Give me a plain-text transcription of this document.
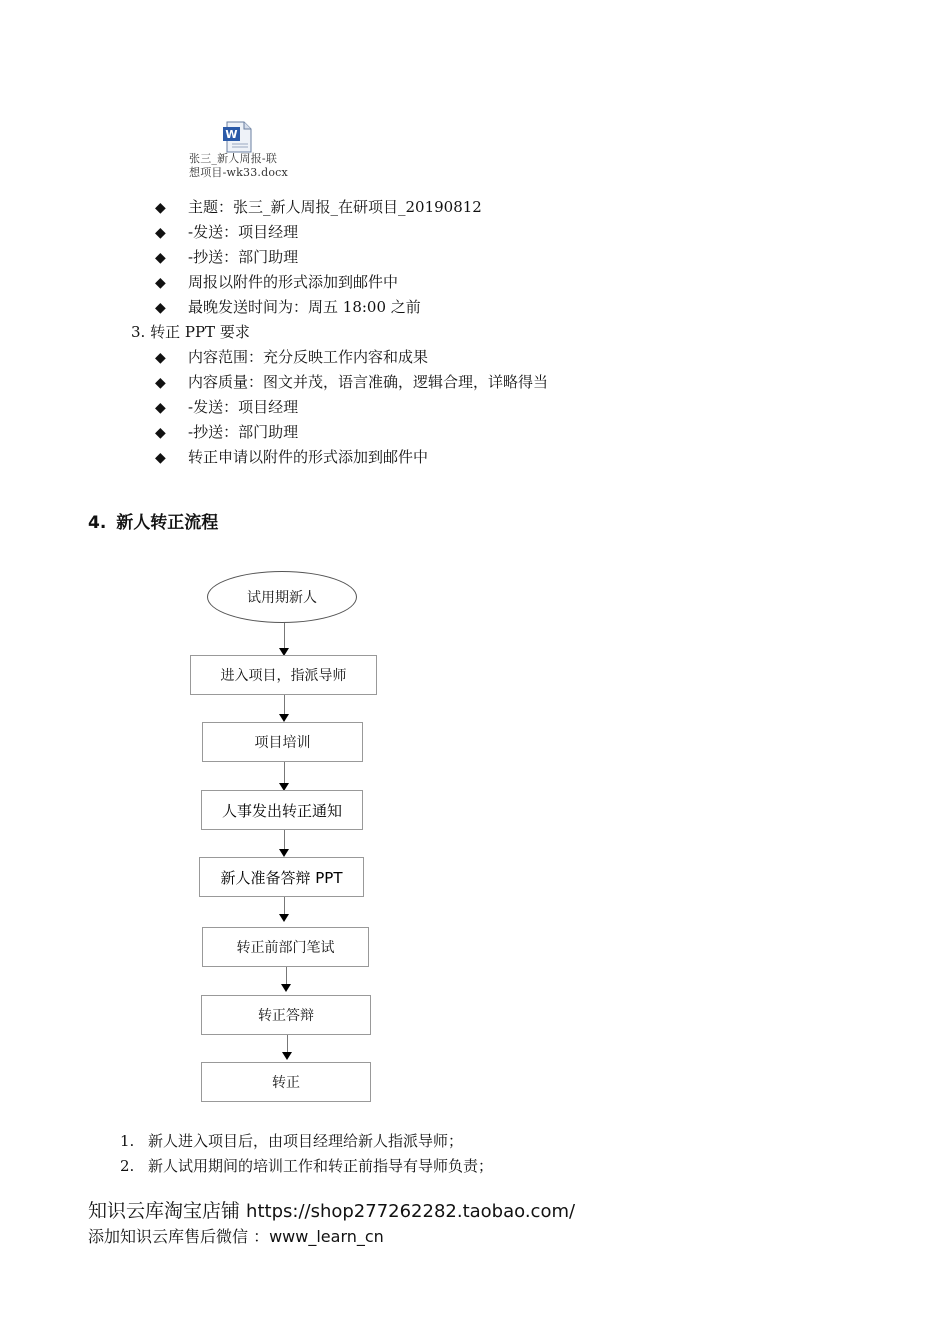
W
张三_新人周报-联
想项目-wk33.docx
◆ 主题：张三_新人周报_在研项目_20190812
◆ -发送：项目经理
◆ -抄送：部门助理
◆ 周报以附件的形式添加到邮件中
◆ 最晚发送时间为：周五 18:00 之前
3. 转正 PPT 要求
◆ 内容范围：充分反映工作内容和成果
◆ 内容质量：图文并茂，语言准确，逻辑合理，详略得当
◆ -发送：项目经理
◆ -抄送：部门助理
◆ 转正申请以附件的形式添加到邮件中
4. 新人转正流程
试用期新人
进入项目，指派导师
项目培训
人事发出转正通知
新人准备答辩 PPT
转正前部门笔试
转正答辩
转正
1. 新人进入项目后，由项目经理给新人指派导师；
2. 新人试用期间的培训工作和转正前指导有导师负责；
知识云库淘宝店铺 https://shop277262282.taobao.com/
添加知识云库售后微信 ：www_learn_cn
